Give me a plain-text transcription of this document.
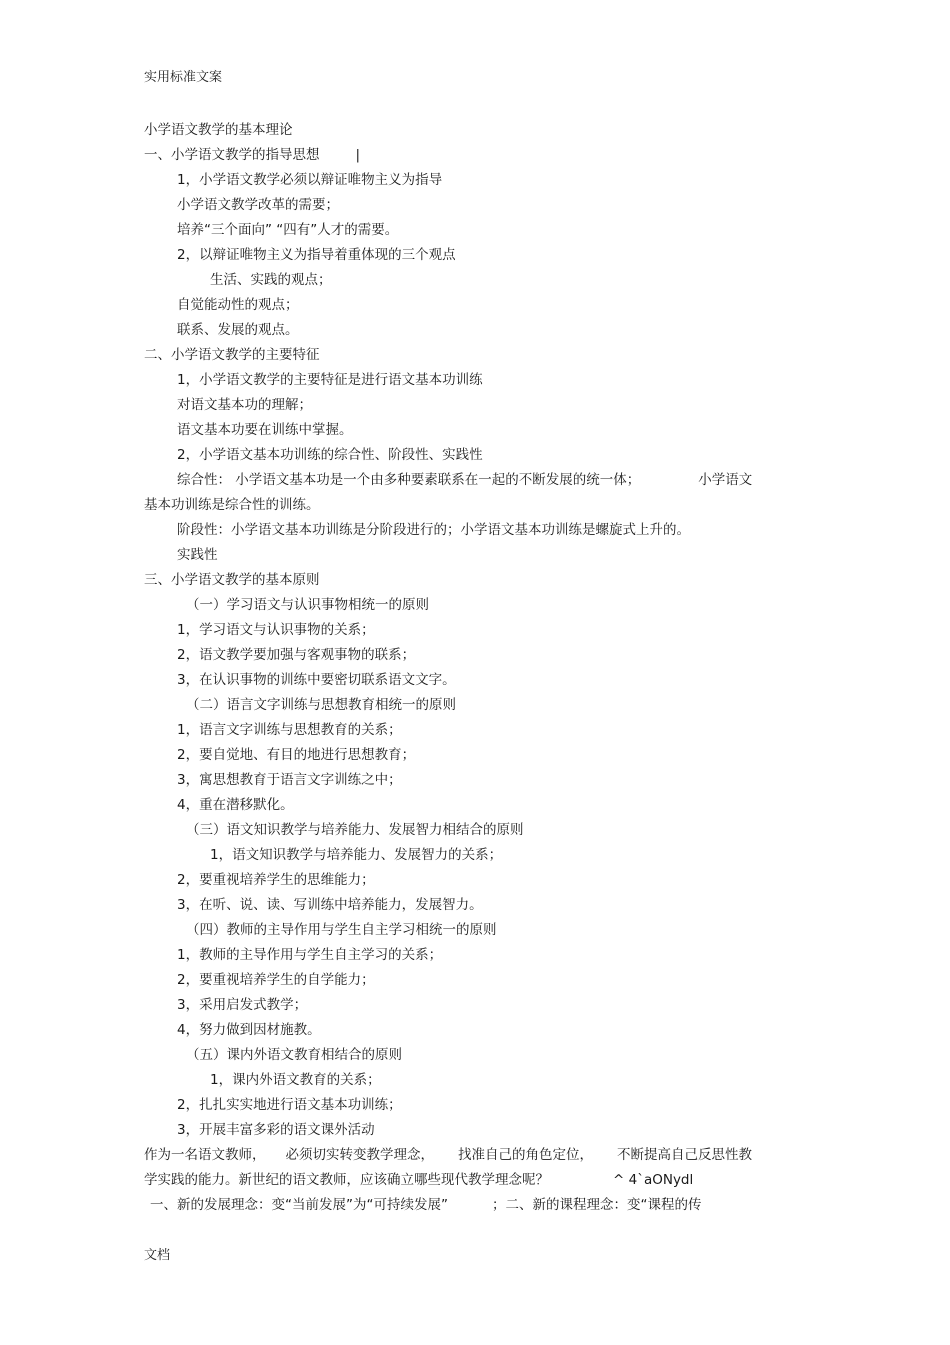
实用标准文案
小学语文教学的基本理论
一、小学语文教学的指导思想	|
1，小学语文教学必须以辩证唯物主义为指导
小学语文教学改革的需要；
培养“三个面向” “四有”人才的需要。
2，以辩证唯物主义为指导着重体现的三个观点
生活、实践的观点；
自觉能动性的观点；
联系、发展的观点。
二、小学语文教学的主要特征
1，小学语文教学的主要特征是进行语文基本功训练
对语文基本功的理解；
语文基本功要在训练中掌握。
2，小学语文基本功训练的综合性、阶段性、实践性
综合性： 小学语文基本功是一个由多种要素联系在一起的不断发展的统一体；	小学语文
基本功训练是综合性的训练。
阶段性：小学语文基本功训练是分阶段进行的；小学语文基本功训练是螺旋式上升的。
实践性
三、小学语文教学的基本原则
（一）学习语文与认识事物相统一的原则
1，学习语文与认识事物的关系；
2，语文教学要加强与客观事物的联系；
3，在认识事物的训练中要密切联系语文文字。
（二）语言文字训练与思想教育相统一的原则
1，语言文字训练与思想教育的关系；
2，要自觉地、有目的地进行思想教育；
3，寓思想教育于语言文字训练之中；
4，重在潜移默化。
（三）语文知识教学与培养能力、发展智力相结合的原则
1，语文知识教学与培养能力、发展智力的关系；
2，要重视培养学生的思维能力；
3，在听、说、读、写训练中培养能力，发展智力。
（四）教师的主导作用与学生自主学习相统一的原则
1，教师的主导作用与学生自主学习的关系；
2，要重视培养学生的自学能力；
3，采用启发式教学；
4，努力做到因材施教。
（五）课内外语文教育相结合的原则
1，课内外语文教育的关系；
2，扎扎实实地进行语文基本功训练；
3，开展丰富多彩的语文课外活动
作为一名语文教师， 必须切实转变教学理念， 找准自己的角色定位， 不断提高自己反思性教
学实践的能力。新世纪的语文教师，应该确立哪些现代教学理念呢？	^ 4`aONydl
一、新的发展理念：变“当前发展”为“可持续发展”	；二、新的课程理念：变“课程的传
文档
